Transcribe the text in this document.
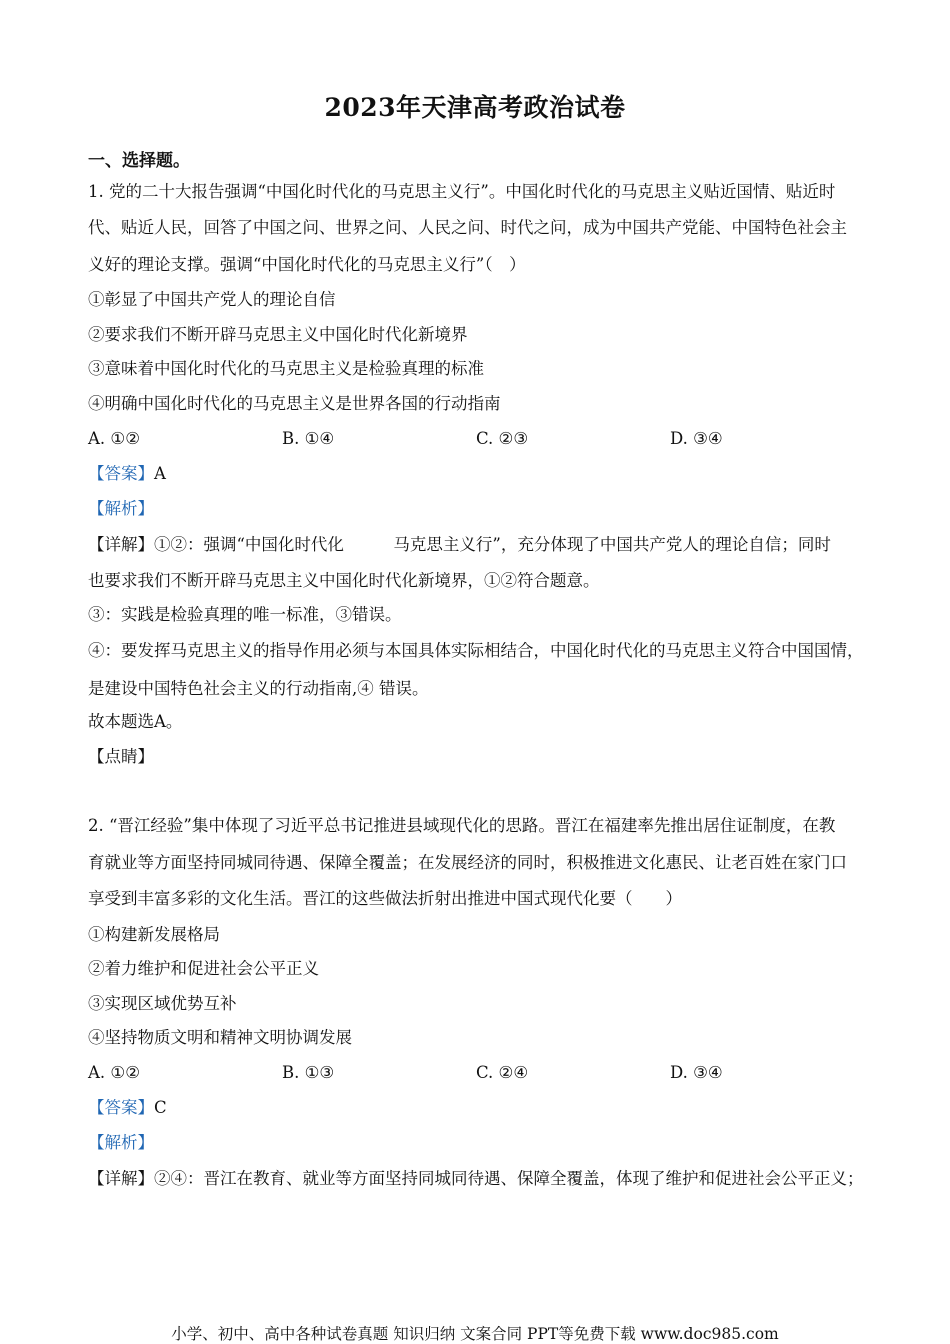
2023年天津高考政治试卷
一、选择题。
1. 党的二十大报告强调“中国化时代化的马克思主义行”。中国化时代化的马克思主义贴近国情、贴近时
代、贴近人民，回答了中国之问、世界之问、人民之问、时代之问，成为中国共产党能、中国特色社会主
义好的理论支撑。强调“中国化时代化的马克思主义行”（　）
①彰显了中国共产党人的理论自信
②要求我们不断开辟马克思主义中国化时代化新境界
③意味着中国化时代化的马克思主义是检验真理的标准
④明确中国化时代化的马克思主义是世界各国的行动指南
A. ①②	B. ①④	C. ②③	D. ③④
【答案】A
【解析】
【详解】①②：强调“中国化时代化　　　马克思主义行”，充分体现了中国共产党人的理论自信；同时
也要求我们不断开辟马克思主义中国化时代化新境界，①②符合题意。
③：实践是检验真理的唯一标准，③错误。
④：要发挥马克思主义的指导作用必须与本国具体实际相结合，中国化时代化的马克思主义符合中国国情，
是建设中国特色社会主义的行动指南,④ 错误。
故本题选A。
【点睛】
2. “晋江经验”集中体现了习近平总书记推进县域现代化的思路。晋江在福建率先推出居住证制度，在教
育就业等方面坚持同城同待遇、保障全覆盖；在发展经济的同时，积极推进文化惠民、让老百姓在家门口
享受到丰富多彩的文化生活。晋江的这些做法折射出推进中国式现代化要（　　）
①构建新发展格局
②着力维护和促进社会公平正义
③实现区域优势互补
④坚持物质文明和精神文明协调发展
A. ①②	B. ①③	C. ②④	D. ③④
【答案】C
【解析】
【详解】②④：晋江在教育、就业等方面坚持同城同待遇、保障全覆盖，体现了维护和促进社会公平正义；
小学、初中、高中各种试卷真题 知识归纳 文案合同 PPT等免费下载 www.doc985.com
